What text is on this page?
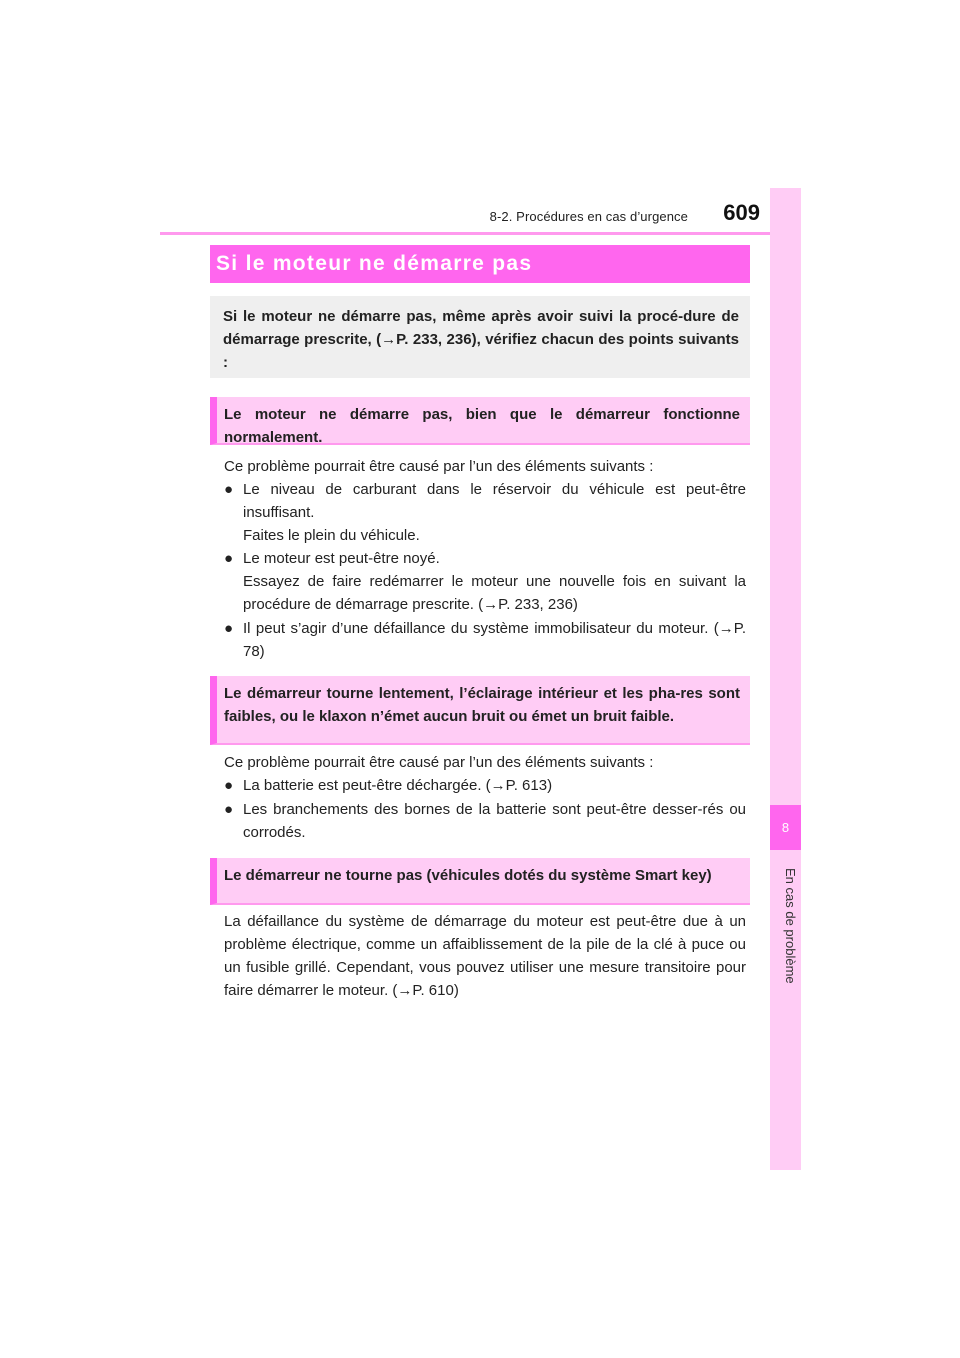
8-2. Procédures en cas d’urgence	609
8
En cas de problème
Si le moteur ne démarre pas
Si le moteur ne démarre pas, même après avoir suivi la procé-dure de démarrage prescrite, (→P. 233, 236), vérifiez chacun des points suivants :
Le moteur ne démarre pas, bien que le démarreur fonctionne normalement.
Ce problème pourrait être causé par l’un des éléments suivants :
● Le niveau de carburant dans le réservoir du véhicule est peut-être insuffisant.
Faites le plein du véhicule.
● Le moteur est peut-être noyé.
Essayez de faire redémarrer le moteur une nouvelle fois en suivant la procédure de démarrage prescrite. (→P. 233, 236)
● Il peut s’agir d’une défaillance du système immobilisateur du moteur. (→P. 78)
Le démarreur tourne lentement, l’éclairage intérieur et les pha-res sont faibles, ou le klaxon n’émet aucun bruit ou émet un bruit faible.
Ce problème pourrait être causé par l’un des éléments suivants :
● La batterie est peut-être déchargée. (→P. 613)
● Les branchements des bornes de la batterie sont peut-être desser-rés ou corrodés.
Le démarreur ne tourne pas (véhicules dotés du système Smart key)
La défaillance du système de démarrage du moteur est peut-être due à un problème électrique, comme un affaiblissement de la pile de la clé à puce ou un fusible grillé. Cependant, vous pouvez utiliser une mesure transitoire pour faire démarrer le moteur. (→P. 610)
